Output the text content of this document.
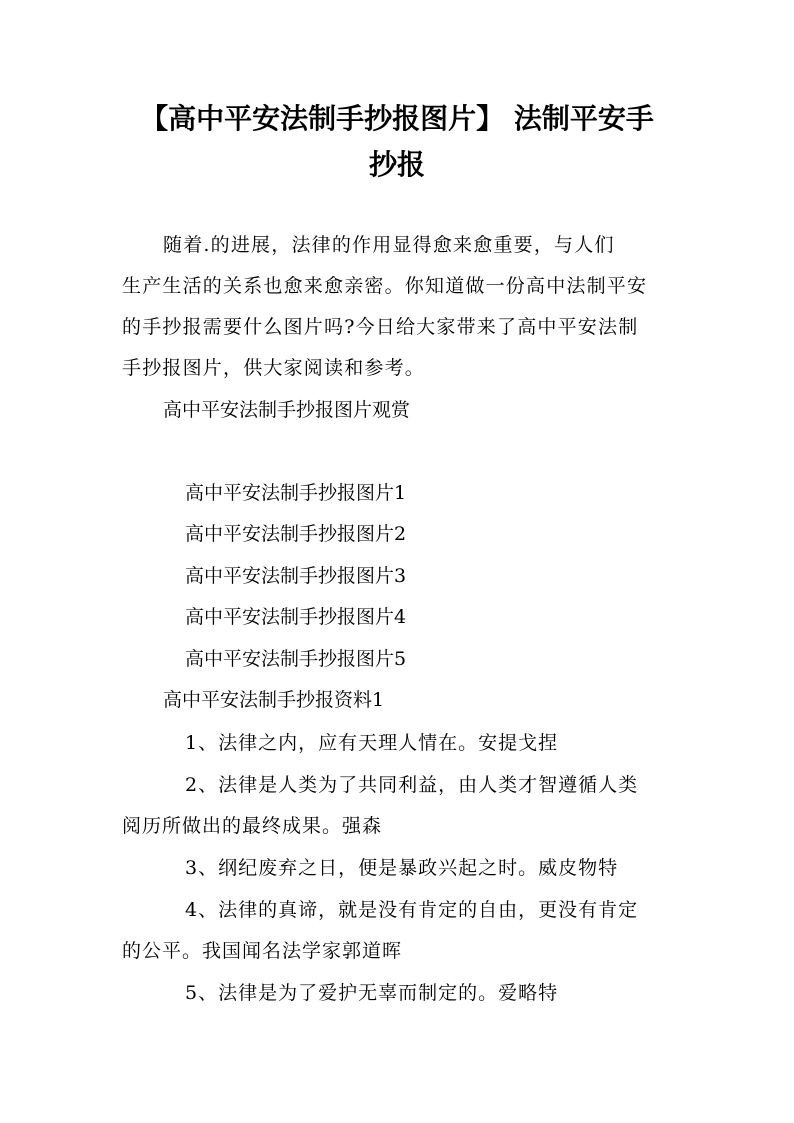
【高中平安法制手抄报图片】 法制平安手
抄报
随着.的进展，法律的作用显得愈来愈重要，与人们
生产生活的关系也愈来愈亲密。你知道做一份高中法制平安
的手抄报需要什么图片吗?今日给大家带来了高中平安法制
手抄报图片，供大家阅读和参考。
高中平安法制手抄报图片观赏
高中平安法制手抄报图片1
高中平安法制手抄报图片2
高中平安法制手抄报图片3
高中平安法制手抄报图片4
高中平安法制手抄报图片5
高中平安法制手抄报资料1
1、法律之内，应有天理人情在。安提戈捏
2、法律是人类为了共同利益，由人类才智遵循人类
阅历所做出的最终成果。强森
3、纲纪废弃之日，便是暴政兴起之时。威皮物特
4、法律的真谛，就是没有肯定的自由，更没有肯定
的公平。我国闻名法学家郭道晖
5、法律是为了爱护无辜而制定的。爱略特
